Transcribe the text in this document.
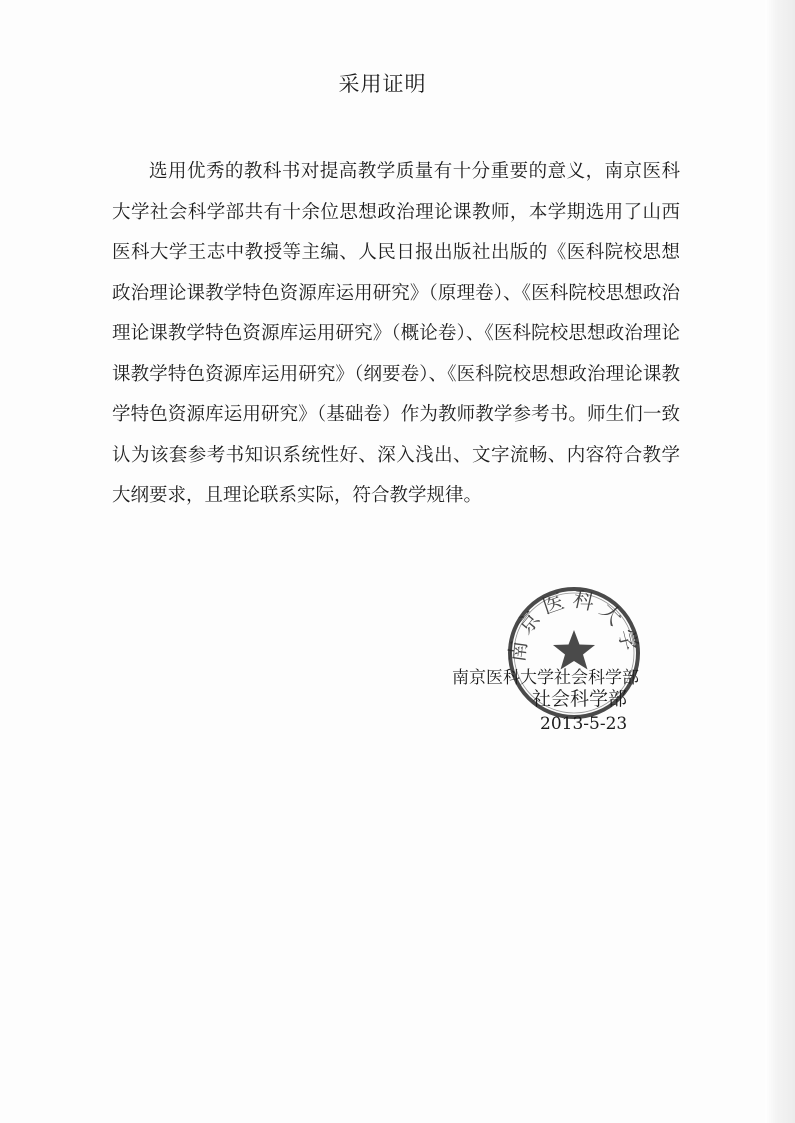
采用证明

选用优秀的教科书对提高教学质量有十分重要的意义，南京医科大学社会科学部共有十余位思想政治理论课教师，本学期选用了山西医科大学王志中教授等主编、人民日报出版社出版的《医科院校思想政治理论课教学特色资源库运用研究》（原理卷）、《医科院校思想政治理论课教学特色资源库运用研究》（概论卷）、《医科院校思想政治理论课教学特色资源库运用研究》（纲要卷）、《医科院校思想政治理论课教学特色资源库运用研究》（基础卷）作为教师教学参考书。师生们一致认为该套参考书知识系统性好、深入浅出、文字流畅、内容符合教学大纲要求，且理论联系实际，符合教学规律。

南京医科大学
南京医科大学社会科学部
社会科学部
2013-5-23
